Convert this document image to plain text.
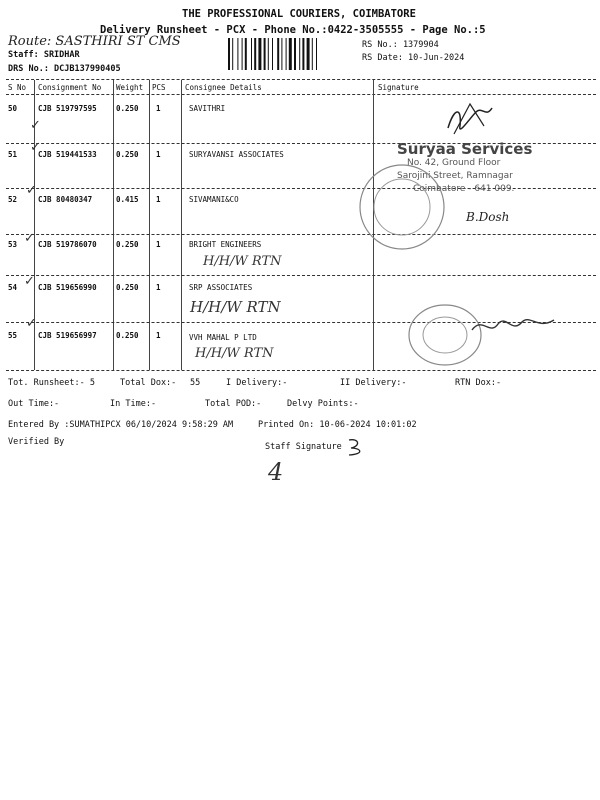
THE PROFESSIONAL COURIERS, COIMBATORE
Delivery Runsheet - PCX - Phone No.:0422-3505555 - Page No.:5
Route: SASTHIRI ST CMS
Staff: SRIDHAR
DRS No.: DCJB137990405
RS No.: 1379904
RS Date: 10-Jun-2024
S No Consignment No Weight PCS	Consignee Details	Signature
50	CJB 519797595	0.250 1	SAVITHRI
51	CJB 519441533	0.250 1	SURYAVANSI ASSOCIATES
52	CJB 80480347	0.415 1	SIVAMANI&CO
53	CJB 519786070	0.250 1	BRIGHT ENGINEERS
H/H/W RTN
54	CJB 519656990	0.250 1	SRP ASSOCIATES
H/H/W RTN
55	CJB 519656997	0.250 1	VVH MAHAL P LTD
H/H/W RTN
✓
✓
✓
✓
✓
✓
Suryaa Services
No. 42, Ground Floor
Sarojini Street, Ramnagar
Coimbatore - 641 009.
B.Dosh
Tot. Runsheet:- 5	Total Dox:- 55	I Delivery:-	II Delivery:-	RTN Dox:-
Out Time:-	In Time:-	Total POD:-	Delvy Points:-
Entered By :SUMATHIPCX 06/10/2024 9:58:29 AM	Printed On: 10-06-2024 10:01:02
Verified By	Staff Signature
4
